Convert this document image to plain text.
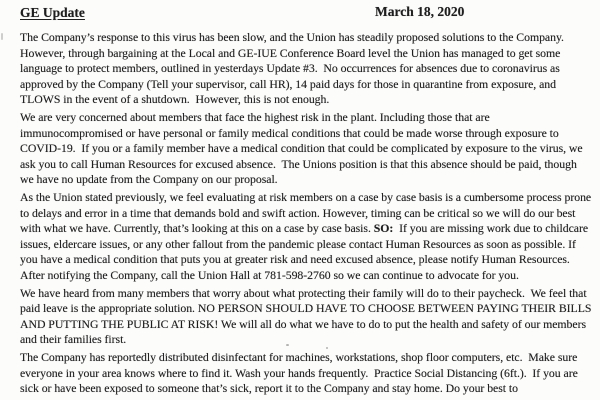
GE Update	March 18, 2020

The Company’s response to this virus has been slow, and the Union has steadily proposed solutions to the Company. However, through bargaining at the Local and GE-IUE Conference Board level the Union has managed to get some language to protect members, outlined in yesterdays Update #3.  No occurrences for absences due to coronavirus as approved by the Company (Tell your supervisor, call HR), 14 paid days for those in quarantine from exposure, and TLOWS in the event of a shutdown.  However, this is not enough.

We are very concerned about members that face the highest risk in the plant. Including those that are immunocompromised or have personal or family medical conditions that could be made worse through exposure to COVID-19.  If you or a family member have a medical condition that could be complicated by exposure to the virus, we ask you to call Human Resources for excused absence.  The Unions position is that this absence should be paid, though we have no update from the Company on our proposal.

As the Union stated previously, we feel evaluating at risk members on a case by case basis is a cumbersome process prone to delays and error in a time that demands bold and swift action. However, timing can be critical so we will do our best with what we have. Currently, that’s looking at this on a case by case basis. SO:  If you are missing work due to childcare issues, eldercare issues, or any other fallout from the pandemic please contact Human Resources as soon as possible. If you have a medical condition that puts you at greater risk and need excused absence, please notify Human Resources.  After notifying the Company, call the Union Hall at 781-598-2760 so we can continue to advocate for you.

We have heard from many members that worry about what protecting their family will do to their paycheck.  We feel that paid leave is the appropriate solution. NO PERSON SHOULD HAVE TO CHOOSE BETWEEN PAYING THEIR BILLS AND PUTTING THE PUBLIC AT RISK! We will all do what we have to do to put the health and safety of our members and their families first.

The Company has reportedly distributed disinfectant for machines, workstations, shop floor computers, etc.  Make sure everyone in your area knows where to find it. Wash your hands frequently.  Practice Social Distancing (6ft.).  If you are sick or have been exposed to someone that’s sick, report it to the Company and stay home. Do your best to
